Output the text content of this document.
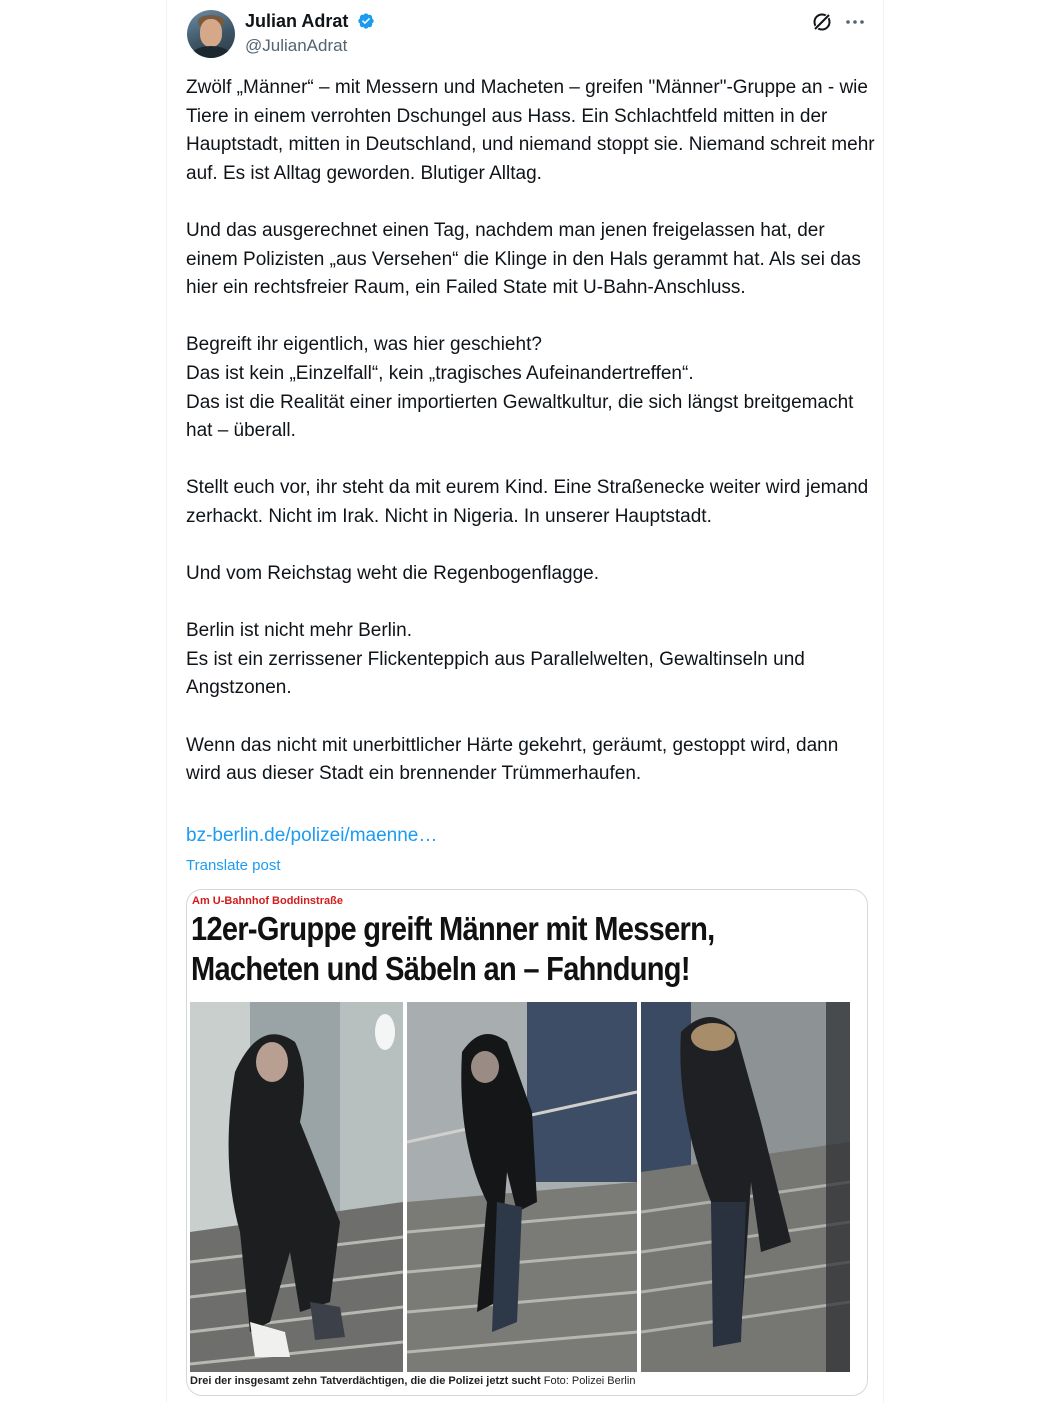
Julian Adrat
@JulianAdrat
Zwölf „Männer“ – mit Messern und Macheten – greifen "Männer"-Gruppe an - wie Tiere in einem verrohten Dschungel aus Hass. Ein Schlachtfeld mitten in der Hauptstadt, mitten in Deutschland, und niemand stoppt sie. Niemand schreit mehr auf. Es ist Alltag geworden. Blutiger Alltag.

Und das ausgerechnet einen Tag, nachdem man jenen freigelassen hat, der einem Polizisten „aus Versehen“ die Klinge in den Hals gerammt hat. Als sei das hier ein rechtsfreier Raum, ein Failed State mit U-Bahn-Anschluss.

Begreift ihr eigentlich, was hier geschieht?
Das ist kein „Einzelfall“, kein „tragisches Aufeinandertreffen“.
Das ist die Realität einer importierten Gewaltkultur, die sich längst breitgemacht hat – überall.

Stellt euch vor, ihr steht da mit eurem Kind. Eine Straßenecke weiter wird jemand zerhackt. Nicht im Irak. Nicht in Nigeria. In unserer Hauptstadt.

Und vom Reichstag weht die Regenbogenflagge.

Berlin ist nicht mehr Berlin.
Es ist ein zerrissener Flickenteppich aus Parallelwelten, Gewaltinseln und Angstzonen.

Wenn das nicht mit unerbittlicher Härte gekehrt, geräumt, gestoppt wird, dann wird aus dieser Stadt ein brennender Trümmerhaufen.
bz-berlin.de/polizei/maenne…
Translate post
Am U-Bahnhof Boddinstraße
12er-Gruppe greift Männer mit Messern,
Macheten und Säbeln an – Fahndung!
Drei der insgesamt zehn Tatverdächtigen, die die Polizei jetzt sucht Foto: Polizei Berlin
